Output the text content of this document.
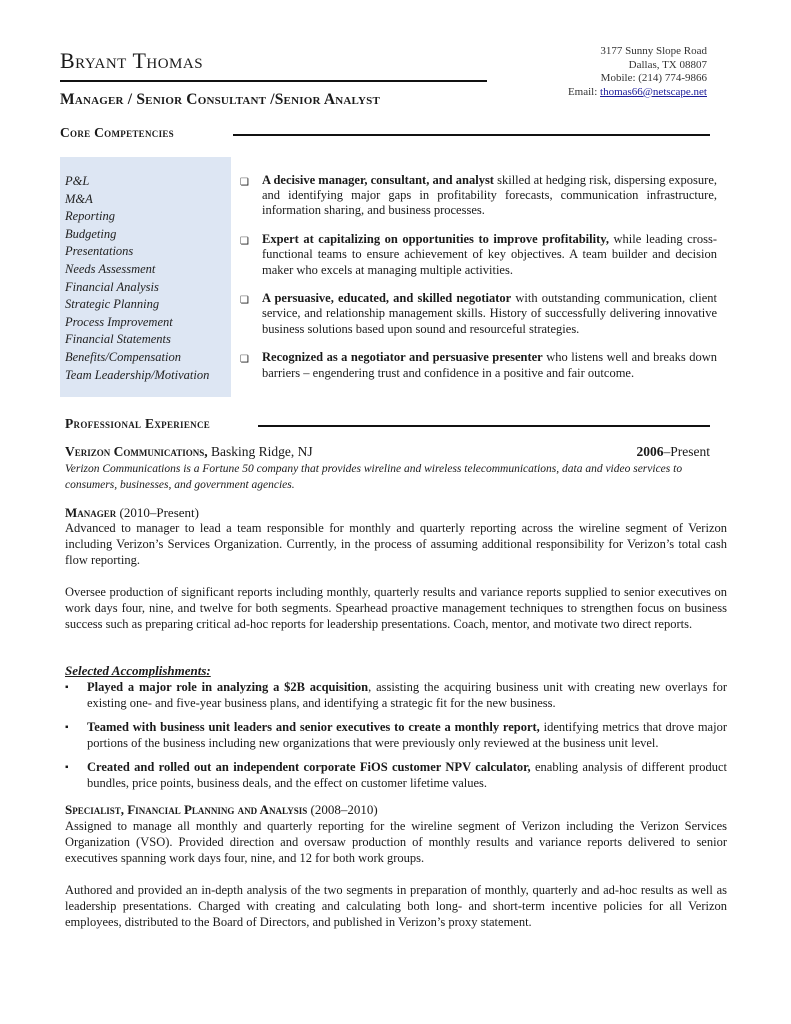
Bryant Thomas	3177 Sunny Slope Road
Dallas, TX 08807
Mobile: (214) 774-9866
Email: thomas66@netscape.net
Manager / Senior Consultant /Senior Analyst
Core Competencies
P&L
M&A
Reporting
Budgeting
Presentations
Needs Assessment
Financial Analysis
Strategic Planning
Process Improvement
Financial Statements
Benefits/Compensation
Team Leadership/Motivation
❏ A decisive manager, consultant, and analyst skilled at hedging risk, dispersing exposure, and identifying major gaps in profitability forecasts, communication infrastructure, information sharing, and business processes.
❏ Expert at capitalizing on opportunities to improve profitability, while leading cross-functional teams to ensure achievement of key objectives. A team builder and decision maker who excels at managing multiple activities.
❏ A persuasive, educated, and skilled negotiator with outstanding communication, client service, and relationship management skills. History of successfully delivering innovative business solutions based upon sound and resourceful strategies.
❏ Recognized as a negotiator and persuasive presenter who listens well and breaks down barriers – engendering trust and confidence in a positive and fair outcome.
Professional Experience
Verizon Communications, Basking Ridge, NJ	2006–Present
Verizon Communications is a Fortune 50 company that provides wireline and wireless telecommunications, data and video services to consumers, businesses, and government agencies.
Manager (2010–Present)
Advanced to manager to lead a team responsible for monthly and quarterly reporting across the wireline segment of Verizon including Verizon’s Services Organization. Currently, in the process of assuming additional responsibility for Verizon’s total cash flow reporting.
Oversee production of significant reports including monthly, quarterly results and variance reports supplied to senior executives on work days four, nine, and twelve for both segments. Spearhead proactive management techniques to strengthen focus on business success such as preparing critical ad-hoc reports for leadership presentations. Coach, mentor, and motivate two direct reports.
Selected Accomplishments:
▪ Played a major role in analyzing a $2B acquisition, assisting the acquiring business unit with creating new overlays for existing one- and five-year business plans, and identifying a strategic fit for the new business.
▪ Teamed with business unit leaders and senior executives to create a monthly report, identifying metrics that drove major portions of the business including new organizations that were previously only reviewed at the business unit level.
▪ Created and rolled out an independent corporate FiOS customer NPV calculator, enabling analysis of different product bundles, price points, business deals, and the effect on customer lifetime values.
Specialist, Financial Planning and Analysis (2008–2010)
Assigned to manage all monthly and quarterly reporting for the wireline segment of Verizon including the Verizon Services Organization (VSO). Provided direction and oversaw production of monthly results and variance reports delivered to senior executives spanning work days four, nine, and 12 for both work groups.
Authored and provided an in-depth analysis of the two segments in preparation of monthly, quarterly and ad-hoc results as well as leadership presentations. Charged with creating and calculating both long- and short-term incentive policies for all Verizon employees, distributed to the Board of Directors, and published in Verizon’s proxy statement.
